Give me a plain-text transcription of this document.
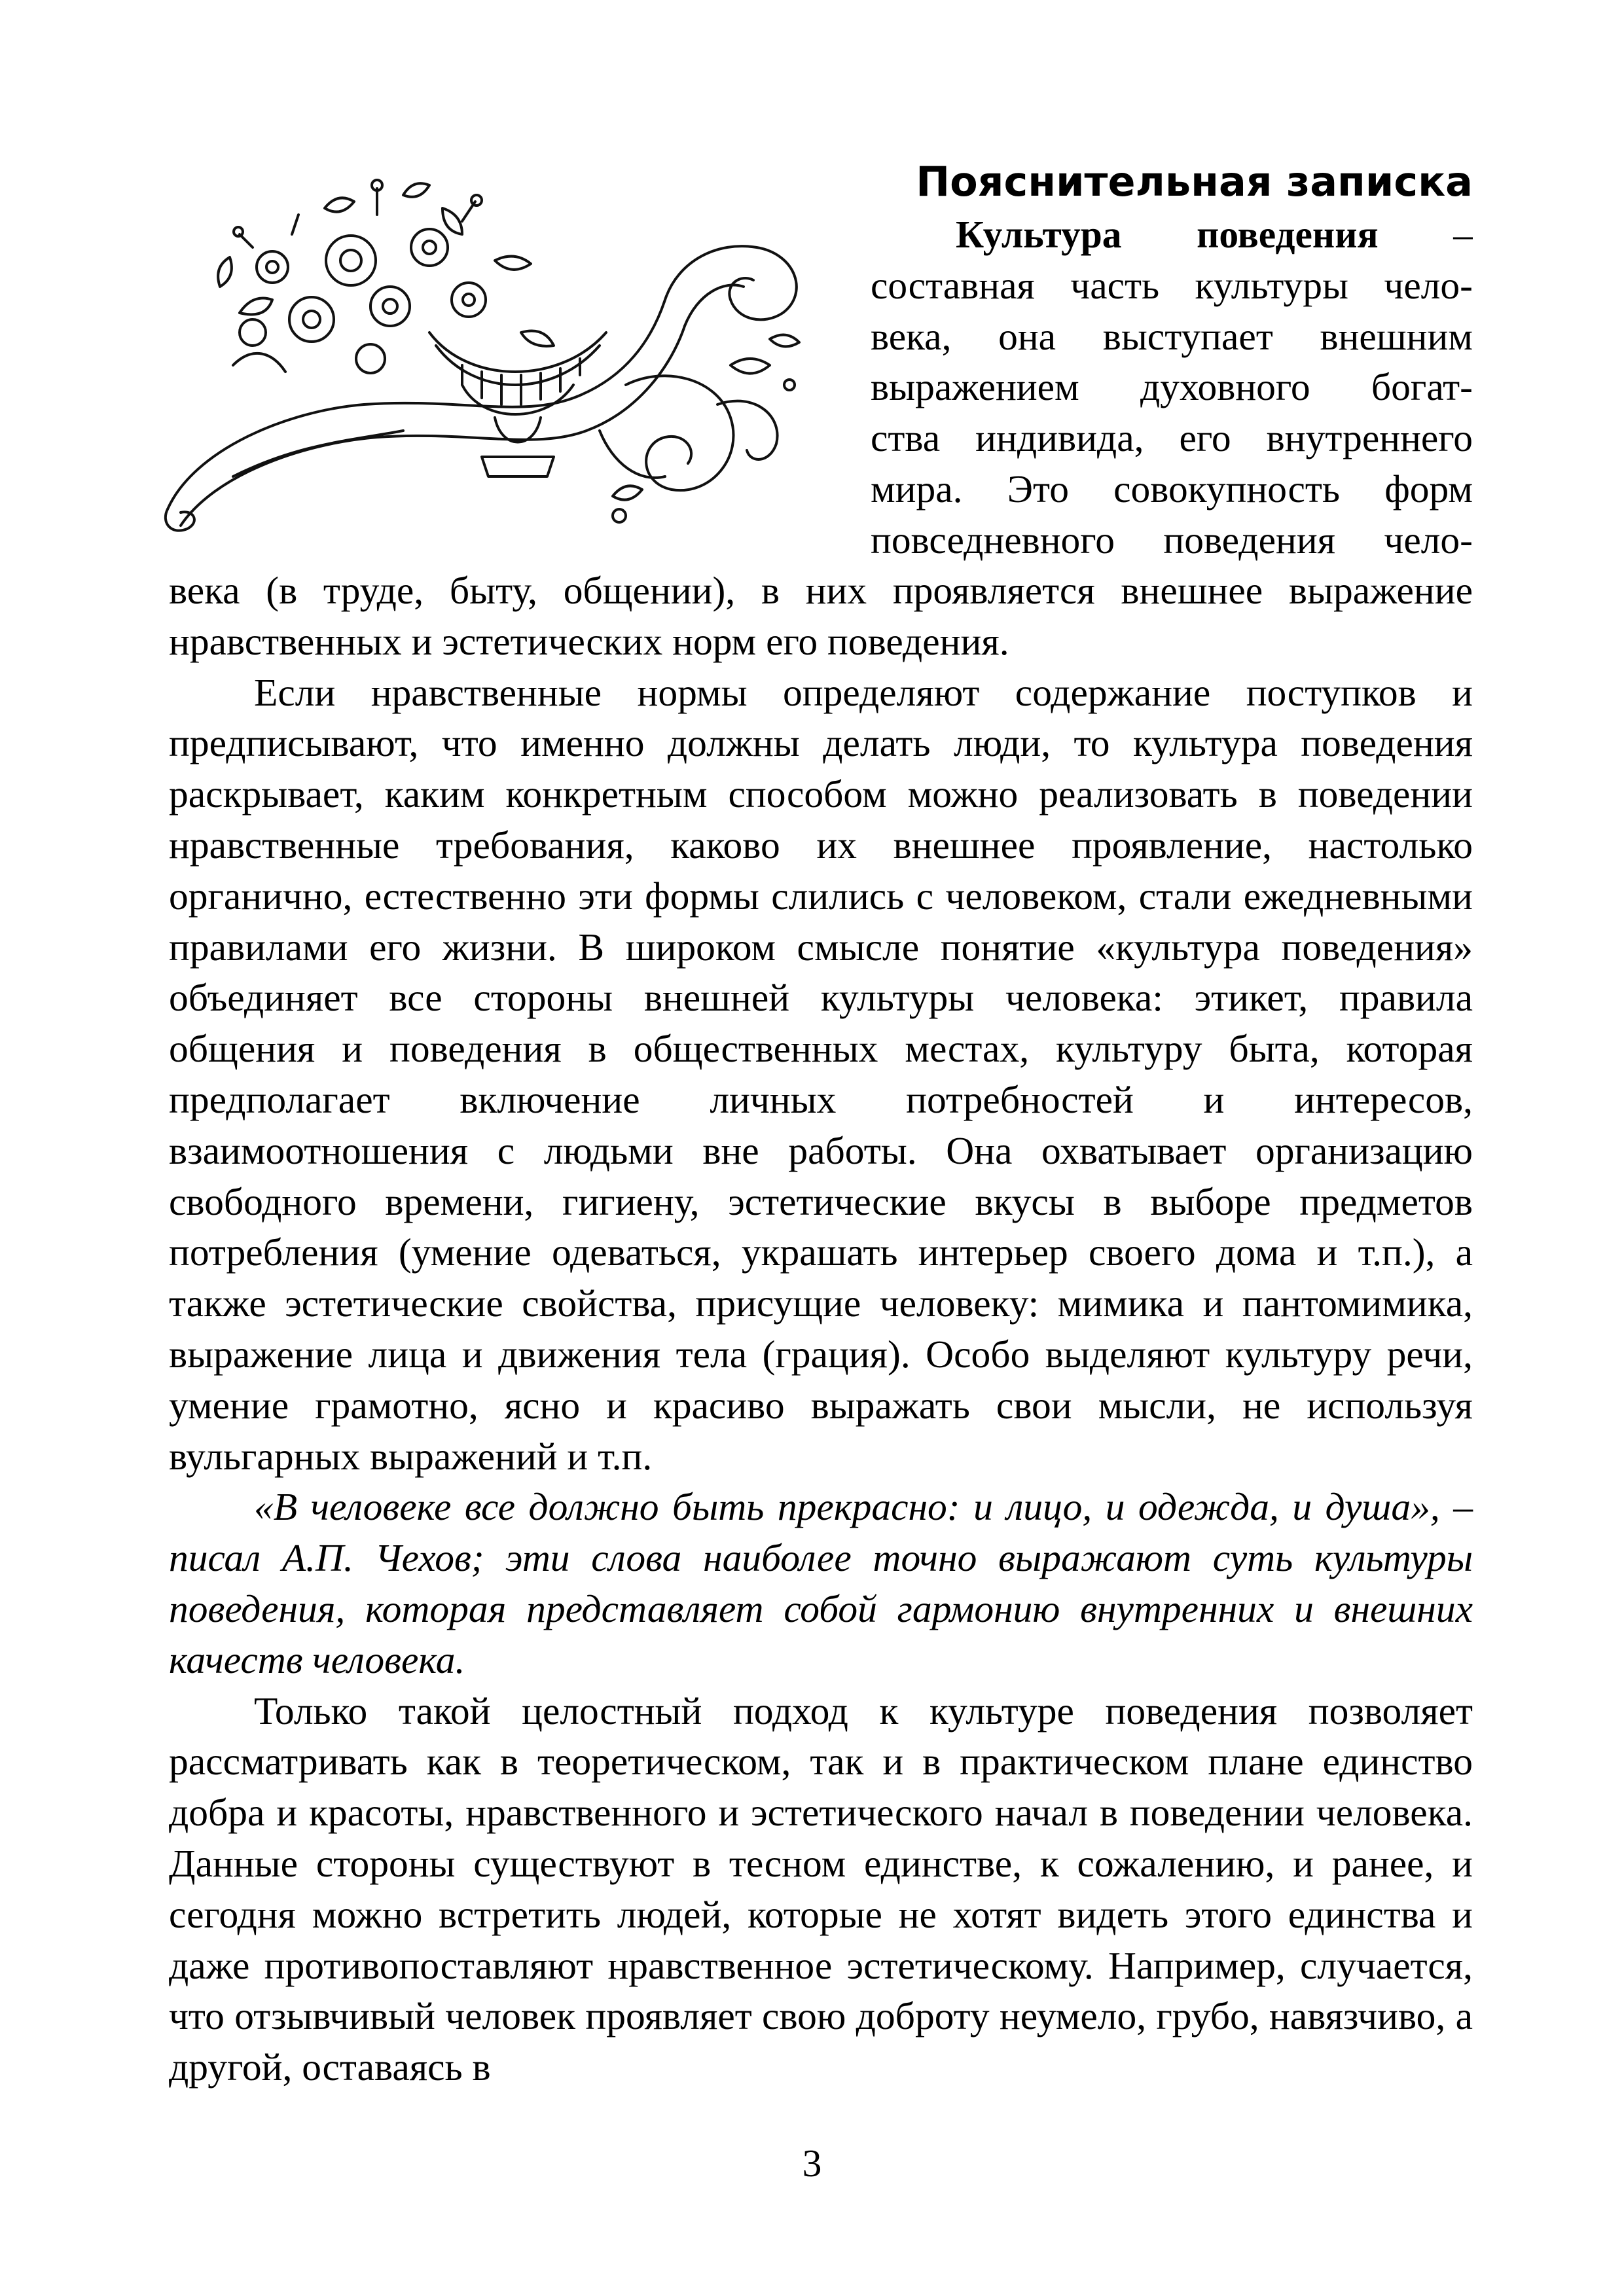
Пояснительная записка
Культура поведения –
составная часть культуры чело-
века, она выступает внешним
выражением духовного богат-
ства индивида, его внутреннего
мира. Это совокупность форм
повседневного поведения чело-

века (в труде, быту, общении), в них проявляется внешнее выражение нравственных и эстетических норм его поведения.

Если нравственные нормы определяют содержание поступков и предписывают, что именно должны делать люди, то культура поведения раскрывает, каким конкретным способом можно реализовать в поведении нравственные требования, каково их внешнее проявление, настолько органично, естественно эти формы слились с человеком, стали ежедневными правилами его жизни. В широком смысле понятие «культура поведения» объединяет все стороны внешней культуры человека: этикет, правила общения и поведения в общественных местах, культуру быта, которая предполагает включение личных потребностей и интересов, взаимоотношения с людьми вне работы. Она охватывает организацию свободного времени, гигиену, эстетические вкусы в выборе предметов потребления (умение одеваться, украшать интерьер своего дома и т.п.), а также эстетические свойства, присущие человеку: мимика и пантомимика, выражение лица и движения тела (грация). Особо выделяют культуру речи, умение грамотно, ясно и красиво выражать свои мысли, не используя вульгарных выражений и т.п.

«В человеке все должно быть прекрасно: и лицо, и одежда, и душа», – писал А.П. Чехов; эти слова наиболее точно выражают суть культуры поведения, которая представляет собой гармонию внутренних и внешних качеств человека.

Только такой целостный подход к культуре поведения позволяет рассматривать как в теоретическом, так и в практическом плане единство добра и красоты, нравственного и эстетического начал в поведении человека. Данные стороны существуют в тесном единстве, к сожалению, и ранее, и сегодня можно встретить людей, которые не хотят видеть этого единства и даже противопоставляют нравственное эстетическому. Например, случается, что отзывчивый человек проявляет свою доброту неумело, грубо, навязчиво, а другой, оставаясь в

3
